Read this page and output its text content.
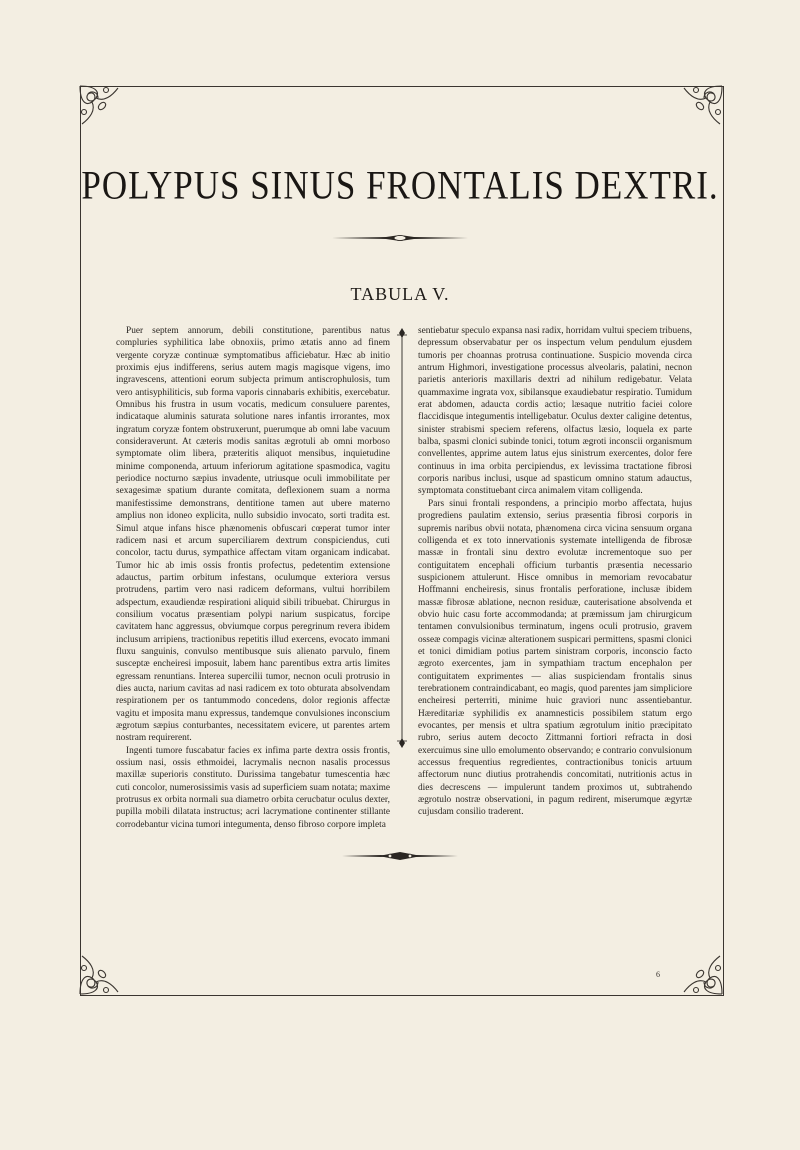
POLYPUS SINUS FRONTALIS DEXTRI.
TABULA V.

Puer septem annorum, debili constitutione, parentibus natus compluries syphilitica labe obnoxiis, primo ætatis anno ad finem vergente coryzæ continuæ symptomatibus afficiebatur. Hæc ab initio proximis ejus indifferens, serius autem magis magisque vigens, imo ingravescens, attentioni eorum subjecta primum antiscrophulosis, tum vero antisyphiliticis, sub forma vaporis cinnabaris exhibitis, exercebatur. Omnibus his frustra in usum vocatis, medicum consuluere parentes, indicataque aluminis saturata solutione nares infantis irrorantes, mox ingratum coryzæ fontem obstruxerunt, puerumque ab omni labe vacuum consideraverunt. At cæteris modis sanitas ægrotuli ab omni morboso symptomate olim libera, præteritis aliquot mensibus, inquietudine minime componenda, artuum inferiorum agitatione spasmodica, vagitu periodice nocturno sæpius invadente, utriusque oculi immobilitate per sexagesimæ spatium durante comitata, deflexionem suam a norma manifestissime demonstrans, dentitione tamen aut ubere materno amplius non idoneo explicita, nullo subsidio invocato, sorti tradita est. Simul atque infans hisce phænomenis obfuscari cœperat tumor inter radicem nasi et arcum superciliarem dextrum conspiciendus, cuti concolor, tactu durus, sympathice affectam vitam organicam indicabat. Tumor hic ab imis ossis frontis profectus, pedetentim extensione adauctus, partim orbitum infestans, oculumque exteriora versus protrudens, partim vero nasi radicem deformans, vultui horribilem adspectum, exaudiendæ respirationi aliquid sibili tribuebat. Chirurgus in consilium vocatus præsentiam polypi narium suspicatus, forcipe cavitatem hanc aggressus, obviumque corpus peregrinum revera ibidem inclusum arripiens, tractionibus repetitis illud exercens, evocato immani fluxu sanguinis, convulso mentibusque suis alienato parvulo, finem susceptæ encheiresi imposuit, labem hanc parentibus extra artis limites egressam renuntians. Interea supercilii tumor, necnon oculi protrusio in dies aucta, narium cavitas ad nasi radicem ex toto obturata absolvendam respirationem per os tantummodo concedens, dolor regionis affectæ vagitu et imposita manu expressus, tandemque convulsiones inconscium ægrotum sæpius conturbantes, necessitatem evicere, ut parentes artem nostram requirerent.

Ingenti tumore fuscabatur facies ex infima parte dextra ossis frontis, ossium nasi, ossis ethmoidei, lacrymalis necnon nasalis processus maxillæ superioris constituto. Durissima tangebatur tumescentia hæc cuti concolor, numerosissimis vasis ad superficiem suam notata; maxime protrusus ex orbita normali sua diametro orbita cerucbatur oculus dexter, pupilla mobili dilatata instructus; acri lacrymatione continenter stillante corrodebantur vicina tumori integumenta, denso fibroso corpore impleta

sentiebatur speculo expansa nasi radix, horridam vultui speciem tribuens, depressum observabatur per os inspectum velum pendulum ejusdem tumoris per choannas protrusa continuatione. Suspicio movenda circa antrum Highmori, investigatione processus alveolaris, palatini, necnon parietis anterioris maxillaris dextri ad nihilum redigebatur. Velata quammaxime ingrata vox, sibilansque exaudiebatur respiratio. Tumidum erat abdomen, adaucta cordis actio; læsaque nutritio faciei colore flaccidisque integumentis intelligebatur. Oculus dexter caligine detentus, sinister strabismi speciem referens, olfactus læsio, loquela ex parte balba, spasmi clonici subinde tonici, totum ægroti inconscii organismum convellentes, apprime autem latus ejus sinistrum exercentes, dolor fere continuus in ima orbita percipiendus, ex levissima tractatione fibrosi corporis naribus inclusi, usque ad spasticum omnino statum adauctus, symptomata constituebant circa animalem vitam colligenda.

Pars sinui frontali respondens, a principio morbo affectata, hujus progrediens paulatim extensio, serius præsentia fibrosi corporis in supremis naribus obvii notata, phænomena circa vicina sensuum organa colligenda et ex toto innervationis systemate intelligenda de fibrosæ massæ in frontali sinu dextro evolutæ incrementoque suo per contiguitatem encephali officium turbantis præsentia necessario suspicionem attulerunt. Hisce omnibus in memoriam revocabatur Hoffmanni encheiresis, sinus frontalis perforatione, inclusæ ibidem massæ fibrosæ ablatione, necnon residuæ, cauterisatione absolvenda et obvio huic casu forte accommodanda; at præmissum jam chirurgicum tentamen convulsionibus terminatum, ingens oculi protrusio, gravem osseæ compagis vicinæ alterationem suspicari permittens, spasmi clonici et tonici dimidiam potius partem sinistram corporis, inconscio facto ægroto exercentes, jam in sympathiam tractum encephalon per contiguitatem exprimentes — alias suspiciendam frontalis sinus terebrationem contraindicabant, eo magis, quod parentes jam simpliciore encheiresi perterriti, minime huic graviori nunc assentiebantur. Hæreditariæ syphilidis ex anamnesticis possibilem statum ergo evocantes, per mensis et ultra spatium ægrotulum initio præcipitato rubro, serius autem decocto Zittmanni fortiori refracta in dosi exercuimus sine ullo emolumento observando; e contrario convulsionum accessus frequentius regredientes, contractionibus tonicis artuum affectorum nunc diutius protrahendis concomitati, nutritionis actus in dies decrescens — impulerunt tandem proximos ut, subtrahendo ægrotulo nostræ observationi, in pagum redirent, miserumque ægyrtæ cujusdam consilio traderent.

6
